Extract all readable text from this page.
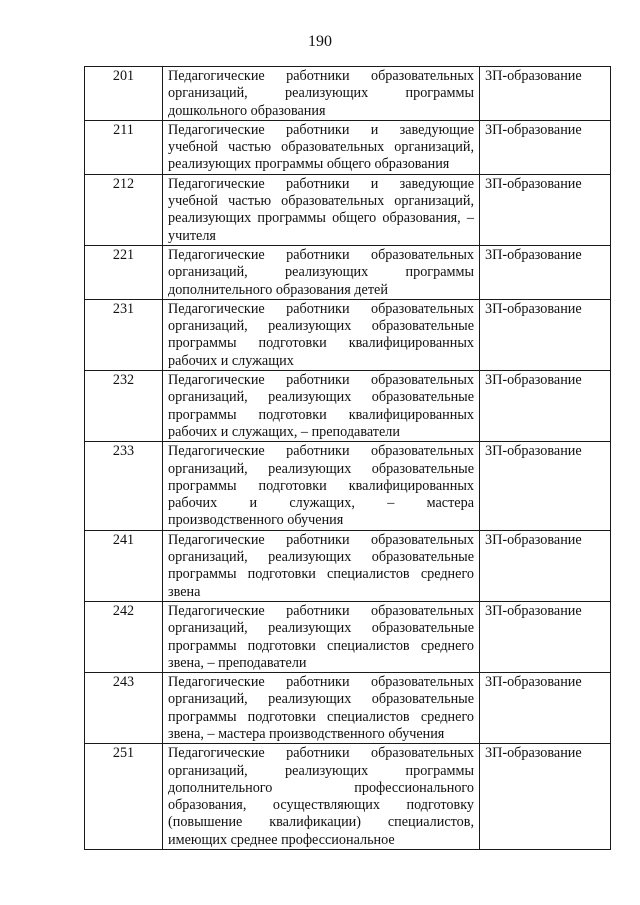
190
201	Педагогические работники образовательных организаций, реализующих программы дошкольного образования	3П-образование
211	Педагогические работники и заведующие учебной частью образовательных организаций, реализующих программы общего образования	3П-образование
212	Педагогические работники и заведующие учебной частью образовательных организаций, реализующих программы общего образования, – учителя	3П-образование
221	Педагогические работники образовательных организаций, реализующих программы дополнительного образования детей	3П-образование
231	Педагогические работники образовательных организаций, реализующих образовательные программы подготовки квалифицированных рабочих и служащих	3П-образование
232	Педагогические работники образовательных организаций, реализующих образовательные программы подготовки квалифицированных рабочих и служащих, – преподаватели	3П-образование
233	Педагогические работники образовательных организаций, реализующих образовательные программы подготовки квалифицированных рабочих и служащих, – мастера производственного обучения	3П-образование
241	Педагогические работники образовательных организаций, реализующих образовательные программы подготовки специалистов среднего звена	3П-образование
242	Педагогические работники образовательных организаций, реализующих образовательные программы подготовки специалистов среднего звена, – преподаватели	3П-образование
243	Педагогические работники образовательных организаций, реализующих образовательные программы подготовки специалистов среднего звена, – мастера производственного обучения	3П-образование
251	Педагогические работники образовательных организаций, реализующих программы дополнительного профессионального образования, осуществляющих подготовку (повышение квалификации) специалистов, имеющих среднее профессиональное	3П-образование
